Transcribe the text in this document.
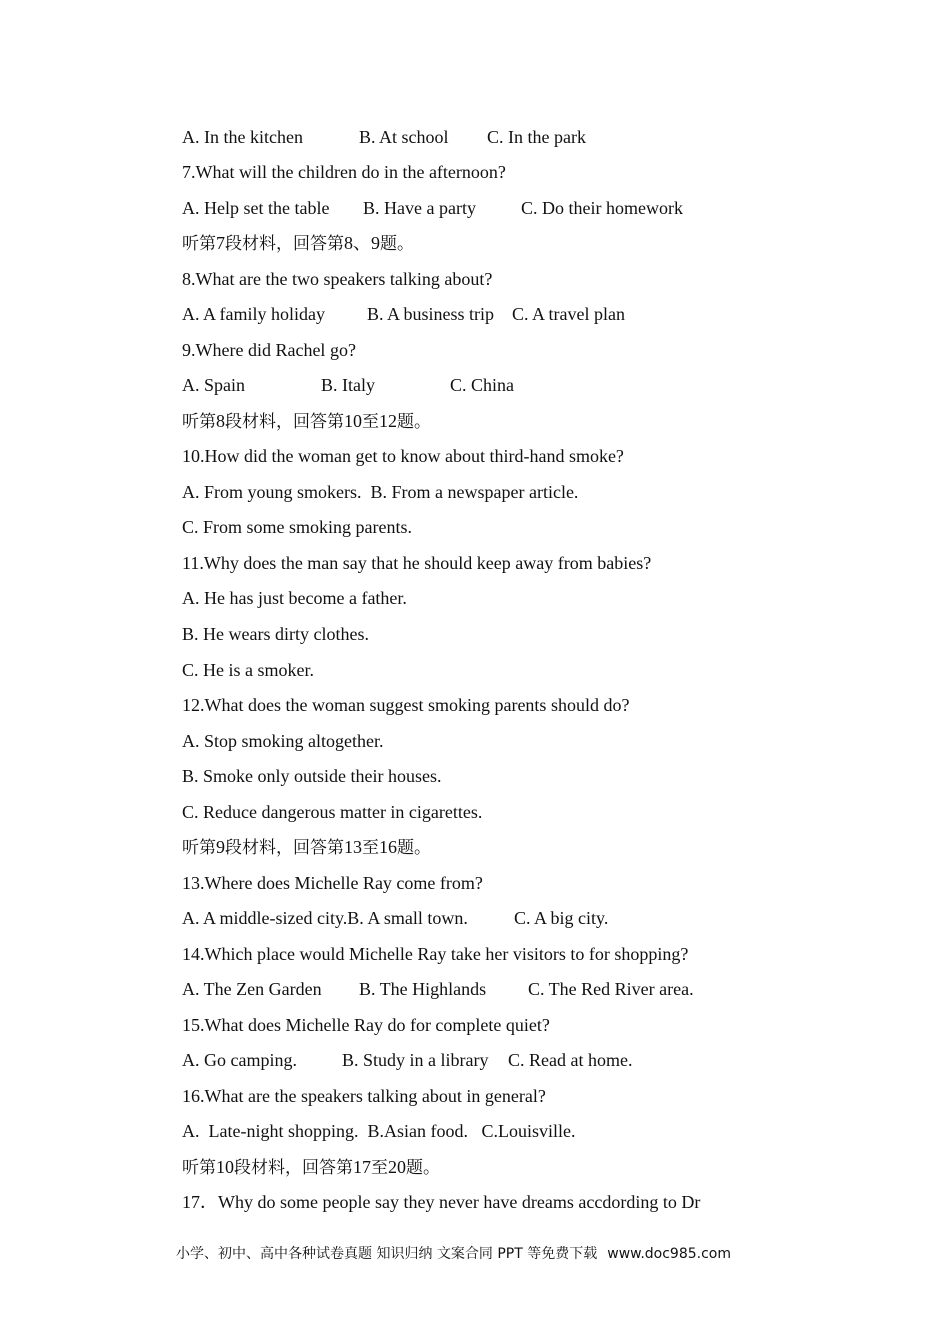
A. In the kitchen

	B. At school

C. In the park

7.What will the children do in the afternoon?

A. Help set the table

B. Have a party

	C. Do their homework

听第7段材料，回答第8、9题。
8.What are the two speakers talking about?

A. A family holiday

B. A business trip

C. A travel plan

9.Where did Rachel go?

A. Spain

	B. Italy

	C. China

听第8段材料，回答第10至12题。
10.How did the woman get to know about third-hand smoke?
A. From young smokers.  B. From a newspaper article.
C. From some smoking parents.
11.Why does the man say that he should keep away from babies?
A. He has just become a father.
B. He wears dirty clothes.
C. He is a smoker.
12.What does the woman suggest smoking parents should do?
A. Stop smoking altogether.
B. Smoke only outside their houses.
C. Reduce dangerous matter in cigarettes.
听第9段材料，回答第13至16题。
13.Where does Michelle Ray come from?

A. A middle-sized city.B. A small town.

	C. A big city.

14.Which place would Michelle Ray take her visitors to for shopping?

A. The Zen Garden

B. The Highlands

C. The Red River area.

15.What does Michelle Ray do for complete quiet?

A. Go camping.

	B. Study in a library

C. Read at home.

16.What are the speakers talking about in general?
A.  Late-night shopping.  B.Asian food.   C.Louisville.
听第10段材料，回答第17至20题。
17．Why do some people say they never have dreams accdording to Dr
小学、初中、高中各种试卷真题 知识归纳 文案合同 PPT 等免费下载 www.doc985.com
